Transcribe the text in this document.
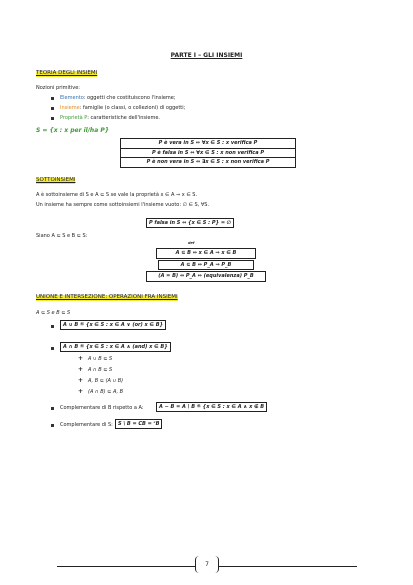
PARTE I – GLI INSIEMI
TEORIA DEGLI INSIEMI
Nozioni primitive:
Elemento: oggetti che costituiscono l'insieme;
Insieme: famiglie (o classi, o collezioni) di oggetti;
Proprietà P: caratteristiche dell'insieme.
S = {x : x per il/ha P}
P è vera in S ⇔ ∀x ∈ S : x verifica P
P è falsa in S ⇔ ∀x ∈ S : x non verifica P
P è non vera in S ⇔ ∃x ∈ S : x non verifica P
SOTTOINSIEMI
A è sottoinsieme di S e A ⊆ S se vale la proprietà x ∈ A ⇒ x ∈ S.
Un insieme ha sempre come sottoinsiemi l'insieme vuoto: ∅ ∈ S, ∀S.
P falsa in S ⇔ {x ∈ S : P} = ∅
Siano A ⊆ S e B ⊆ S:
def
A ⊆ B ⇔ x ∈ A ⇒ x ∈ B
A ⊆ B ⇔ P_A ⇒ P_B
(A = B) ⇔ P_A ⇔ (equivalenza) P_B
UNIONE E INTERSEZIONE: OPERAZIONI FRA INSIEMI
A ⊆ S e B ⊆ S
A ∪ B ≝ {x ∈ S : x ∈ A ∨ (or) x ∈ B}
A ∩ B ≝ {x ∈ S : x ∈ A ∧ (and) x ∈ B}
+ A ∪ B ⊆ S
+ A ∩ B ⊆ S
+ A, B ⊆ (A ∪ B)
+ (A ∩ B) ⊆ A, B
Complementare di B rispetto a A:	A − B = A \ B ≝ {x ∈ S : x ∈ A ∧ x ∉ B
Complementare di S:	S \ B = CB = ᶜB
7
